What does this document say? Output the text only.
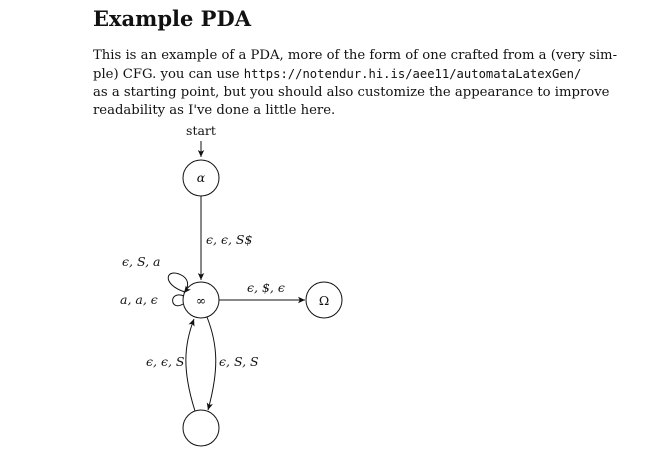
Example PDA

This is an example of a PDA, more of the form of one crafted from a (very sim-
ple) CFG. you can use https://notendur.hi.is/aee11/automataLatexGen/
as a starting point, but you should also customize the appearance to improve
readability as I've done a little here.

start
α
∞	Ω
ϵ, ϵ, S$
ϵ, S, a
a, a, ϵ
ϵ, $, ϵ
ϵ, ϵ, S	ϵ, S, S
